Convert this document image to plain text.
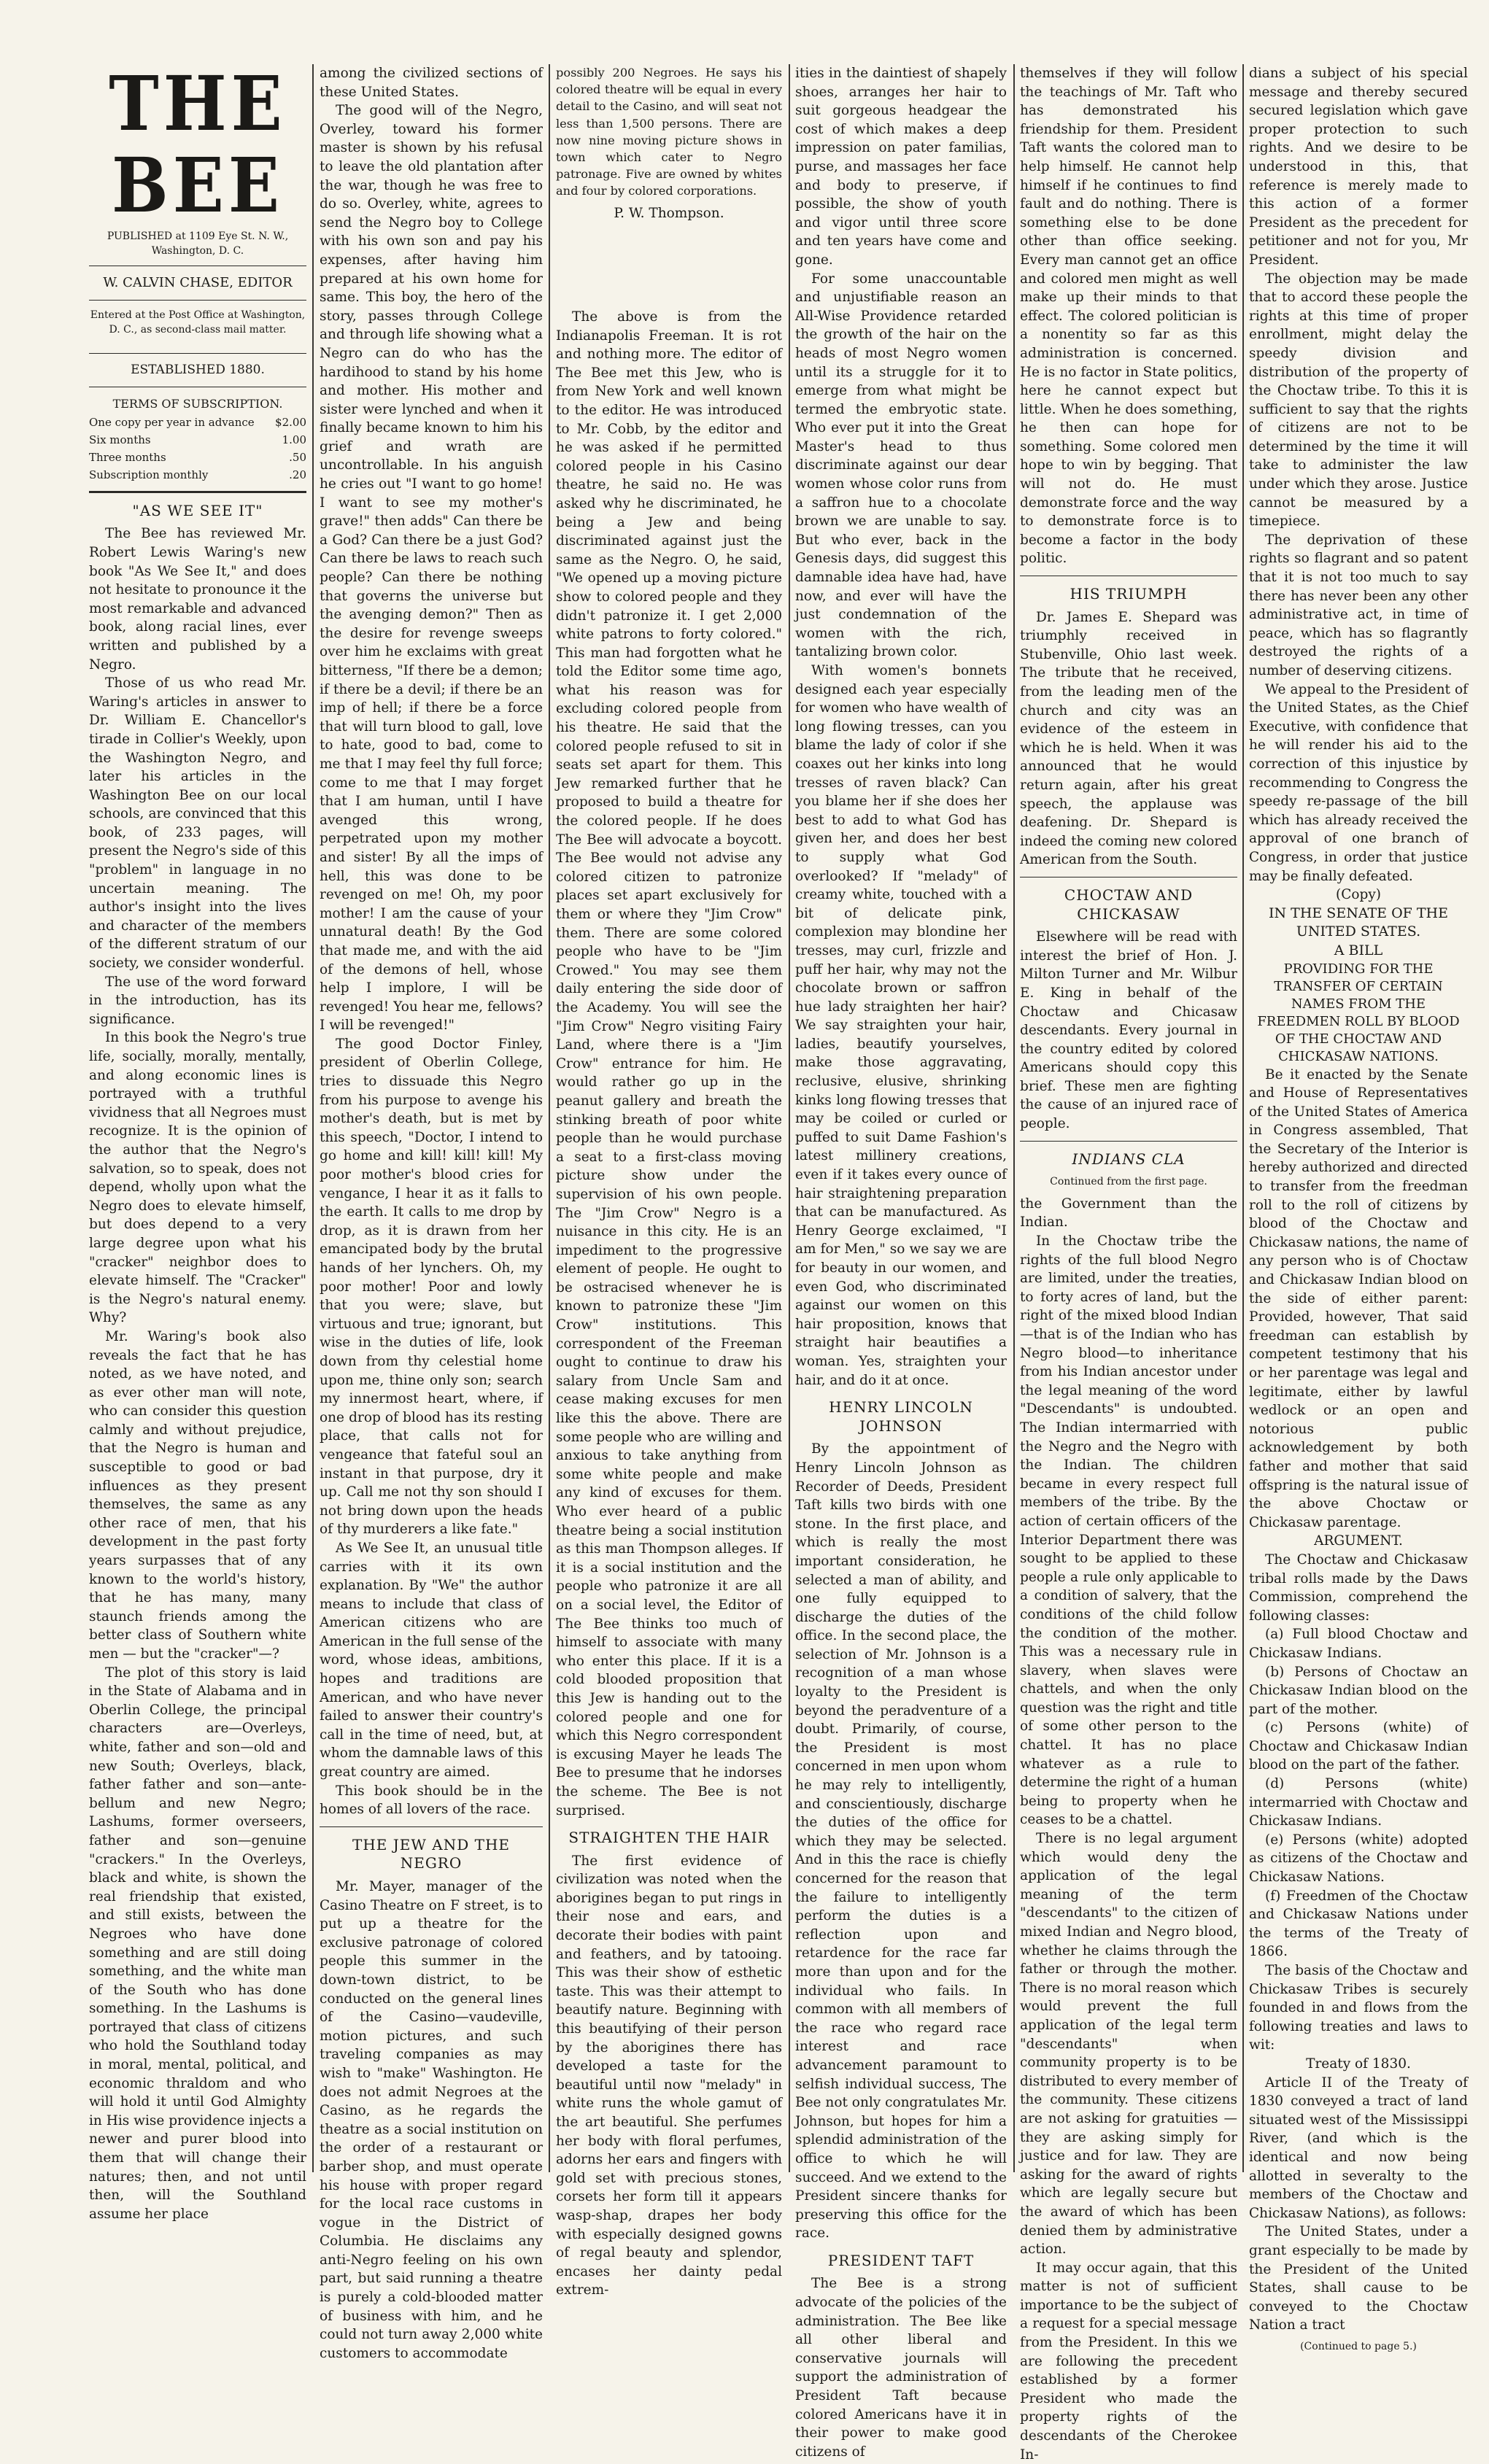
THE BEE
PUBLISHED at 1109 Eye St. N. W., Washington, D. C.
W. CALVIN CHASE, EDITOR
Entered at the Post Office at Washington, D. C., as second-class mail matter.
ESTABLISHED 1880.
TERMS OF SUBSCRIPTION.
One copy per year in advance $2.00
Six months	1.00
Three months	.50
Subscription monthly	.20
"AS WE SEE IT"

The Bee has reviewed Mr. Robert Lewis Waring's new book "As We See It," and does not hesitate to pronounce it the most remarkable and advanced book, along racial lines, ever written and published by a Negro.

Those of us who read Mr. Waring's articles in answer to Dr. William E. Chancellor's tirade in Collier's Weekly, upon the Washington Negro, and later his articles in the Washington Bee on our local schools, are convinced that this book, of 233 pages, will present the Negro's side of this "problem" in language in no uncertain meaning. The author's insight into the lives and character of the members of the different stratum of our society, we consider wonderful.

The use of the word forward in the introduction, has its significance.

In this book the Negro's true life, socially, morally, mentally, and along economic lines is portrayed with a truthful vividness that all Negroes must recognize. It is the opinion of the author that the Negro's salvation, so to speak, does not depend, wholly upon what the Negro does to elevate himself, but does depend to a very large degree upon what his "cracker" neighbor does to elevate himself. The "Cracker" is the Negro's natural enemy. Why?

Mr. Waring's book also reveals the fact that he has noted, as we have noted, and as ever other man will note, who can consider this question calmly and without prejudice, that the Negro is human and susceptible to good or bad influences as they present themselves, the same as any other race of men, that his development in the past forty years surpasses that of any known to the world's history, that he has many, many staunch friends among the better class of Southern white men — but the "cracker"—?

The plot of this story is laid in the State of Alabama and in Oberlin College, the principal characters are—Overleys, white, father and son—old and new South; Overleys, black, father father and son—ante-bellum and new Negro; Lashums, former overseers, father and son—genuine "crackers." In the Overleys, black and white, is shown the real friendship that existed, and still exists, between the Negroes who have done something and are still doing something, and the white man of the South who has done something. In the Lashums is portrayed that class of citizens who hold the Southland today in moral, mental, political, and economic thraldom and who will hold it until God Almighty in His wise providence injects a newer and purer blood into them that will change their natures; then, and not until then, will the Southland assume her place

among the civilized sections of these United States.

The good will of the Negro, Overley, toward his former master is shown by his refusal to leave the old plantation after the war, though he was free to do so. Overley, white, agrees to send the Negro boy to College with his own son and pay his expenses, after having him prepared at his own home for same. This boy, the hero of the story, passes through College and through life showing what a Negro can do who has the hardihood to stand by his home and mother. His mother and sister were lynched and when it finally became known to him his grief and wrath are uncontrollable. In his anguish he cries out "I want to go home! I want to see my mother's grave!" then adds" Can there be a God? Can there be a just God? Can there be laws to reach such people? Can there be nothing that governs the universe but the avenging demon?" Then as the desire for revenge sweeps over him he exclaims with great bitterness, "If there be a demon; if there be a devil; if there be an imp of hell; if there be a force that will turn blood to gall, love to hate, good to bad, come to me that I may feel thy full force; come to me that I may forget that I am human, until I have avenged this wrong, perpetrated upon my mother and sister! By all the imps of hell, this was done to be revenged on me! Oh, my poor mother! I am the cause of your unnatural death! By the God that made me, and with the aid of the demons of hell, whose help I implore, I will be revenged! You hear me, fellows? I will be revenged!"

The good Doctor Finley, president of Oberlin College, tries to dissuade this Negro from his purpose to avenge his mother's death, but is met by this speech, "Doctor, I intend to go home and kill! kill! kill! My poor mother's blood cries for vengance, I hear it as it falls to the earth. It calls to me drop by drop, as it is drawn from her emancipated body by the brutal hands of her lynchers. Oh, my poor mother! Poor and lowly that you were; slave, but virtuous and true; ignorant, but wise in the duties of life, look down from thy celestial home upon me, thine only son; search my innermost heart, where, if one drop of blood has its resting place, that calls not for vengeance that fateful soul an instant in that purpose, dry it up. Call me not thy son should I not bring down upon the heads of thy murderers a like fate."

As We See It, an unusual title carries with it its own explanation. By "We" the author means to include that class of American citizens who are American in the full sense of the word, whose ideas, ambitions, hopes and traditions are American, and who have never failed to answer their country's call in the time of need, but, at whom the damnable laws of this great country are aimed.

This book should be in the homes of all lovers of the race.

THE JEW AND THE NEGRO

Mr. Mayer, manager of the Casino Theatre on F street, is to put up a theatre for the exclusive patronage of colored people this summer in the down-town district, to be conducted on the general lines of the Casino—vaudeville, motion pictures, and such traveling companies as may wish to "make" Washington. He does not admit Negroes at the Casino, as he regards the theatre as a social institution on the order of a restaurant or barber shop, and must operate his house with proper regard for the local race customs in vogue in the District of Columbia. He disclaims any anti-Negro feeling on his own part, but said running a theatre is purely a cold-blooded matter of business with him, and he could not turn away 2,000 white customers to accommodate

possibly 200 Negroes. He says his colored theatre will be equal in every detail to the Casino, and will seat not less than 1,500 persons. There are now nine moving picture shows in town which cater to Negro patronage. Five are owned by whites and four by colored corporations.

P. W. Thompson.

The above is from the Indianapolis Freeman. It is rot and nothing more. The editor of The Bee met this Jew, who is from New York and well known to the editor. He was introduced to Mr. Cobb, by the editor and he was asked if he permitted colored people in his Casino theatre, he said no. He was asked why he discriminated, he being a Jew and being discriminated against just the same as the Negro. O, he said, "We opened up a moving picture show to colored people and they didn't patronize it. I get 2,000 white patrons to forty colored." This man had forgotten what he told the Editor some time ago, what his reason was for excluding colored people from his theatre. He said that the colored people refused to sit in seats set apart for them. This Jew remarked further that he proposed to build a theatre for the colored people. If he does The Bee will advocate a boycott. The Bee would not advise any colored citizen to patronize places set apart exclusively for them or where they "Jim Crow" them. There are some colored people who have to be "Jim Crowed." You may see them daily entering the side door of the Academy. You will see the "Jim Crow" Negro visiting Fairy Land, where there is a "Jim Crow" entrance for him. He would rather go up in the peanut gallery and breath the stinking breath of poor white people than he would purchase a seat to a first-class moving picture show under the supervision of his own people. The "Jim Crow" Negro is a nuisance in this city. He is an impediment to the progressive element of people. He ought to be ostracised whenever he is known to patronize these "Jim Crow" institutions. This correspondent of the Freeman ought to continue to draw his salary from Uncle Sam and cease making excuses for men like this the above. There are some people who are willing and anxious to take anything from some white people and make any kind of excuses for them. Who ever heard of a public theatre being a social institution as this man Thompson alleges. If it is a social institution and the people who patronize it are all on a social level, the Editor of The Bee thinks too much of himself to associate with many who enter this place. If it is a cold blooded proposition that this Jew is handing out to the colored people and one for which this Negro correspondent is excusing Mayer he leads The Bee to presume that he indorses the scheme. The Bee is not surprised.

STRAIGHTEN THE HAIR

The first evidence of civilization was noted when the aborigines began to put rings in their nose and ears, and decorate their bodies with paint and feathers, and by tatooing. This was their show of esthetic taste. This was their attempt to beautify nature. Beginning with this beautifying of their person by the aborigines there has developed a taste for the beautiful until now "melady" in white runs the whole gamut of the art beautiful. She perfumes her body with floral perfumes, adorns her ears and fingers with gold set with precious stones, corsets her form till it appears wasp-shap, drapes her body with especially designed gowns of regal beauty and splendor, encases her dainty pedal extrem-

ities in the daintiest of shapely shoes, arranges her hair to suit gorgeous headgear the cost of which makes a deep impression on pater familias, purse, and massages her face and body to preserve, if possible, the show of youth and vigor until three score and ten years have come and gone.

For some unaccountable and unjustifiable reason an All-Wise Providence retarded the growth of the hair on the heads of most Negro women until its a struggle for it to emerge from what might be termed the embryotic state. Who ever put it into the Great Master's head to thus discriminate against our dear women whose color runs from a saffron hue to a chocolate brown we are unable to say. But who ever, back in the Genesis days, did suggest this damnable idea have had, have now, and ever will have the just condemnation of the women with the rich, tantalizing brown color.

With women's bonnets designed each year especially for women who have wealth of long flowing tresses, can you blame the lady of color if she coaxes out her kinks into long tresses of raven black? Can you blame her if she does her best to add to what God has given her, and does her best to supply what God overlooked? If "melady" of creamy white, touched with a bit of delicate pink, complexion may blondine her tresses, may curl, frizzle and puff her hair, why may not the chocolate brown or saffron hue lady straighten her hair? We say straighten your hair, ladies, beautify yourselves, make those aggravating, reclusive, elusive, shrinking kinks long flowing tresses that may be coiled or curled or puffed to suit Dame Fashion's latest millinery creations, even if it takes every ounce of hair straightening preparation that can be manufactured. As Henry George exclaimed, "I am for Men," so we say we are for beauty in our women, and even God, who discriminated against our women on this hair proposition, knows that straight hair beautifies a woman. Yes, straighten your hair, and do it at once.

HENRY LINCOLN JOHNSON

By the appointment of Henry Lincoln Johnson as Recorder of Deeds, President Taft kills two birds with one stone. In the first place, and which is really the most important consideration, he selected a man of ability, and one fully equipped to discharge the duties of the office. In the second place, the selection of Mr. Johnson is a recognition of a man whose loyalty to the President is beyond the peradventure of a doubt. Primarily, of course, the President is most concerned in men upon whom he may rely to intelligently, and conscientiously, discharge the duties of the office for which they may be selected. And in this the race is chiefly concerned for the reason that the failure to intelligently perform the duties is a reflection upon and retardence for the race far more than upon and for the individual who fails. In common with all members of the race who regard race interest and race advancement paramount to selfish individual success, The Bee not only congratulates Mr. Johnson, but hopes for him a splendid administration of the office to which he will succeed. And we extend to the President sincere thanks for preserving this office for the race.

PRESIDENT TAFT

The Bee is a strong advocate of the policies of the administration. The Bee like all other liberal and conservative journals will support the administration of President Taft because colored Americans have it in their power to make good citizens of

themselves if they will follow the teachings of Mr. Taft who has demonstrated his friendship for them. President Taft wants the colored man to help himself. He cannot help himself if he continues to find fault and do nothing. There is something else to be done other than office seeking. Every man cannot get an office and colored men might as well make up their minds to that effect. The colored politician is a nonentity so far as this administration is concerned. He is no factor in State politics, here he cannot expect but little. When he does something, he then can hope for something. Some colored men hope to win by begging. That will not do. He must demonstrate force and the way to demonstrate force is to become a factor in the body politic.

HIS TRIUMPH

Dr. James E. Shepard was triumphly received in Stubenville, Ohio last week. The tribute that he received, from the leading men of the church and city was an evidence of the esteem in which he is held. When it was announced that he would return again, after his great speech, the applause was deafening. Dr. Shepard is indeed the coming new colored American from the South.

CHOCTAW AND CHICKASAW

Elsewhere will be read with interest the brief of Hon. J. Milton Turner and Mr. Wilbur E. King in behalf of the Choctaw and Chicasaw descendants. Every journal in the country edited by colored Americans should copy this brief. These men are fighting the cause of an injured race of people.

INDIANS CLA
Continued from the first page.

the Government than the Indian.

In the Choctaw tribe the rights of the full blood Negro are limited, under the treaties, to forty acres of land, but the right of the mixed blood Indian—that is of the Indian who has Negro blood—to inheritance from his Indian ancestor under the legal meaning of the word "Descendants" is undoubted. The Indian intermarried with the Negro and the Negro with the Indian. The children became in every respect full members of the tribe. By the action of certain officers of the Interior Department there was sought to be applied to these people a rule only applicable to a condition of salvery, that the conditions of the child follow the condition of the mother. This was a necessary rule in slavery, when slaves were chattels, and when the only question was the right and title of some other person to the chattel. It has no place whatever as a rule to determine the right of a human being to property when he ceases to be a chattel.

There is no legal argument which would deny the application of the legal meaning of the term "descendants" to the citizen of mixed Indian and Negro blood, whether he claims through the father or through the mother. There is no moral reason which would prevent the full application of the legal term "descendants" when community property is to be distributed to every member of the community. These citizens are not asking for gratuities — they are asking simply for justice and for law. They are asking for the award of rights which are legally secure but the award of which has been denied them by administrative action.

It may occur again, that this matter is not of sufficient importance to be the subject of a request for a special message from the President. In this we are following the precedent established by a former President who made the property rights of the descendants of the Cherokee In-

dians a subject of his special message and thereby secured secured legislation which gave proper protection to such rights. And we desire to be understood in this, that reference is merely made to this action of a former President as the precedent for petitioner and not for you, Mr President.

The objection may be made that to accord these people the rights at this time of proper enrollment, might delay the speedy division and distribution of the property of the Choctaw tribe. To this it is sufficient to say that the rights of citizens are not to be determined by the time it will take to administer the law under which they arose. Justice cannot be measured by a timepiece.

The deprivation of these rights so flagrant and so patent that it is not too much to say there has never been any other administrative act, in time of peace, which has so flagrantly destroyed the rights of a number of deserving citizens.

We appeal to the President of the United States, as the Chief Executive, with confidence that he will render his aid to the correction of this injustice by recommending to Congress the speedy re-passage of the bill which has already received the approval of one branch of Congress, in order that justice may be finally defeated.

(Copy)
IN THE SENATE OF THE UNITED STATES.
A BILL
PROVIDING FOR THE TRANSFER OF CERTAIN NAMES FROM THE FREEDMEN ROLL BY BLOOD OF THE CHOCTAW AND CHICKASAW NATIONS.

Be it enacted by the Senate and House of Representatives of the United States of America in Congress assembled, That the Secretary of the Interior is hereby authorized and directed to transfer from the freedman roll to the roll of citizens by blood of the Choctaw and Chickasaw nations, the name of any person who is of Choctaw and Chickasaw Indian blood on the side of either parent: Provided, however, That said freedman can establish by competent testimony that his or her parentage was legal and legitimate, either by lawful wedlock or an open and notorious public acknowledgement by both father and mother that said offspring is the natural issue of the above Choctaw or Chickasaw parentage.

ARGUMENT.

The Choctaw and Chickasaw tribal rolls made by the Daws Commission, comprehend the following classes:

(a) Full blood Choctaw and Chickasaw Indians.

(b) Persons of Choctaw an Chickasaw Indian blood on the part of the mother.

(c) Persons (white) of Choctaw and Chickasaw Indian blood on the part of the father.

(d) Persons (white) intermarried with Choctaw and Chickasaw Indians.

(e) Persons (white) adopted as citizens of the Choctaw and Chickasaw Nations.

(f) Freedmen of the Choctaw and Chickasaw Nations under the terms of the Treaty of 1866.

The basis of the Choctaw and Chickasaw Tribes is securely founded in and flows from the following treaties and laws to wit:

Treaty of 1830.

Article II of the Treaty of 1830 conveyed a tract of land situated west of the Mississippi River, (and which is the identical and now being allotted in severalty to the members of the Choctaw and Chickasaw Nations), as follows:

The United States, under a grant especially to be made by the President of the United States, shall cause to be conveyed to the Choctaw Nation a tract

(Continued to page 5.)
